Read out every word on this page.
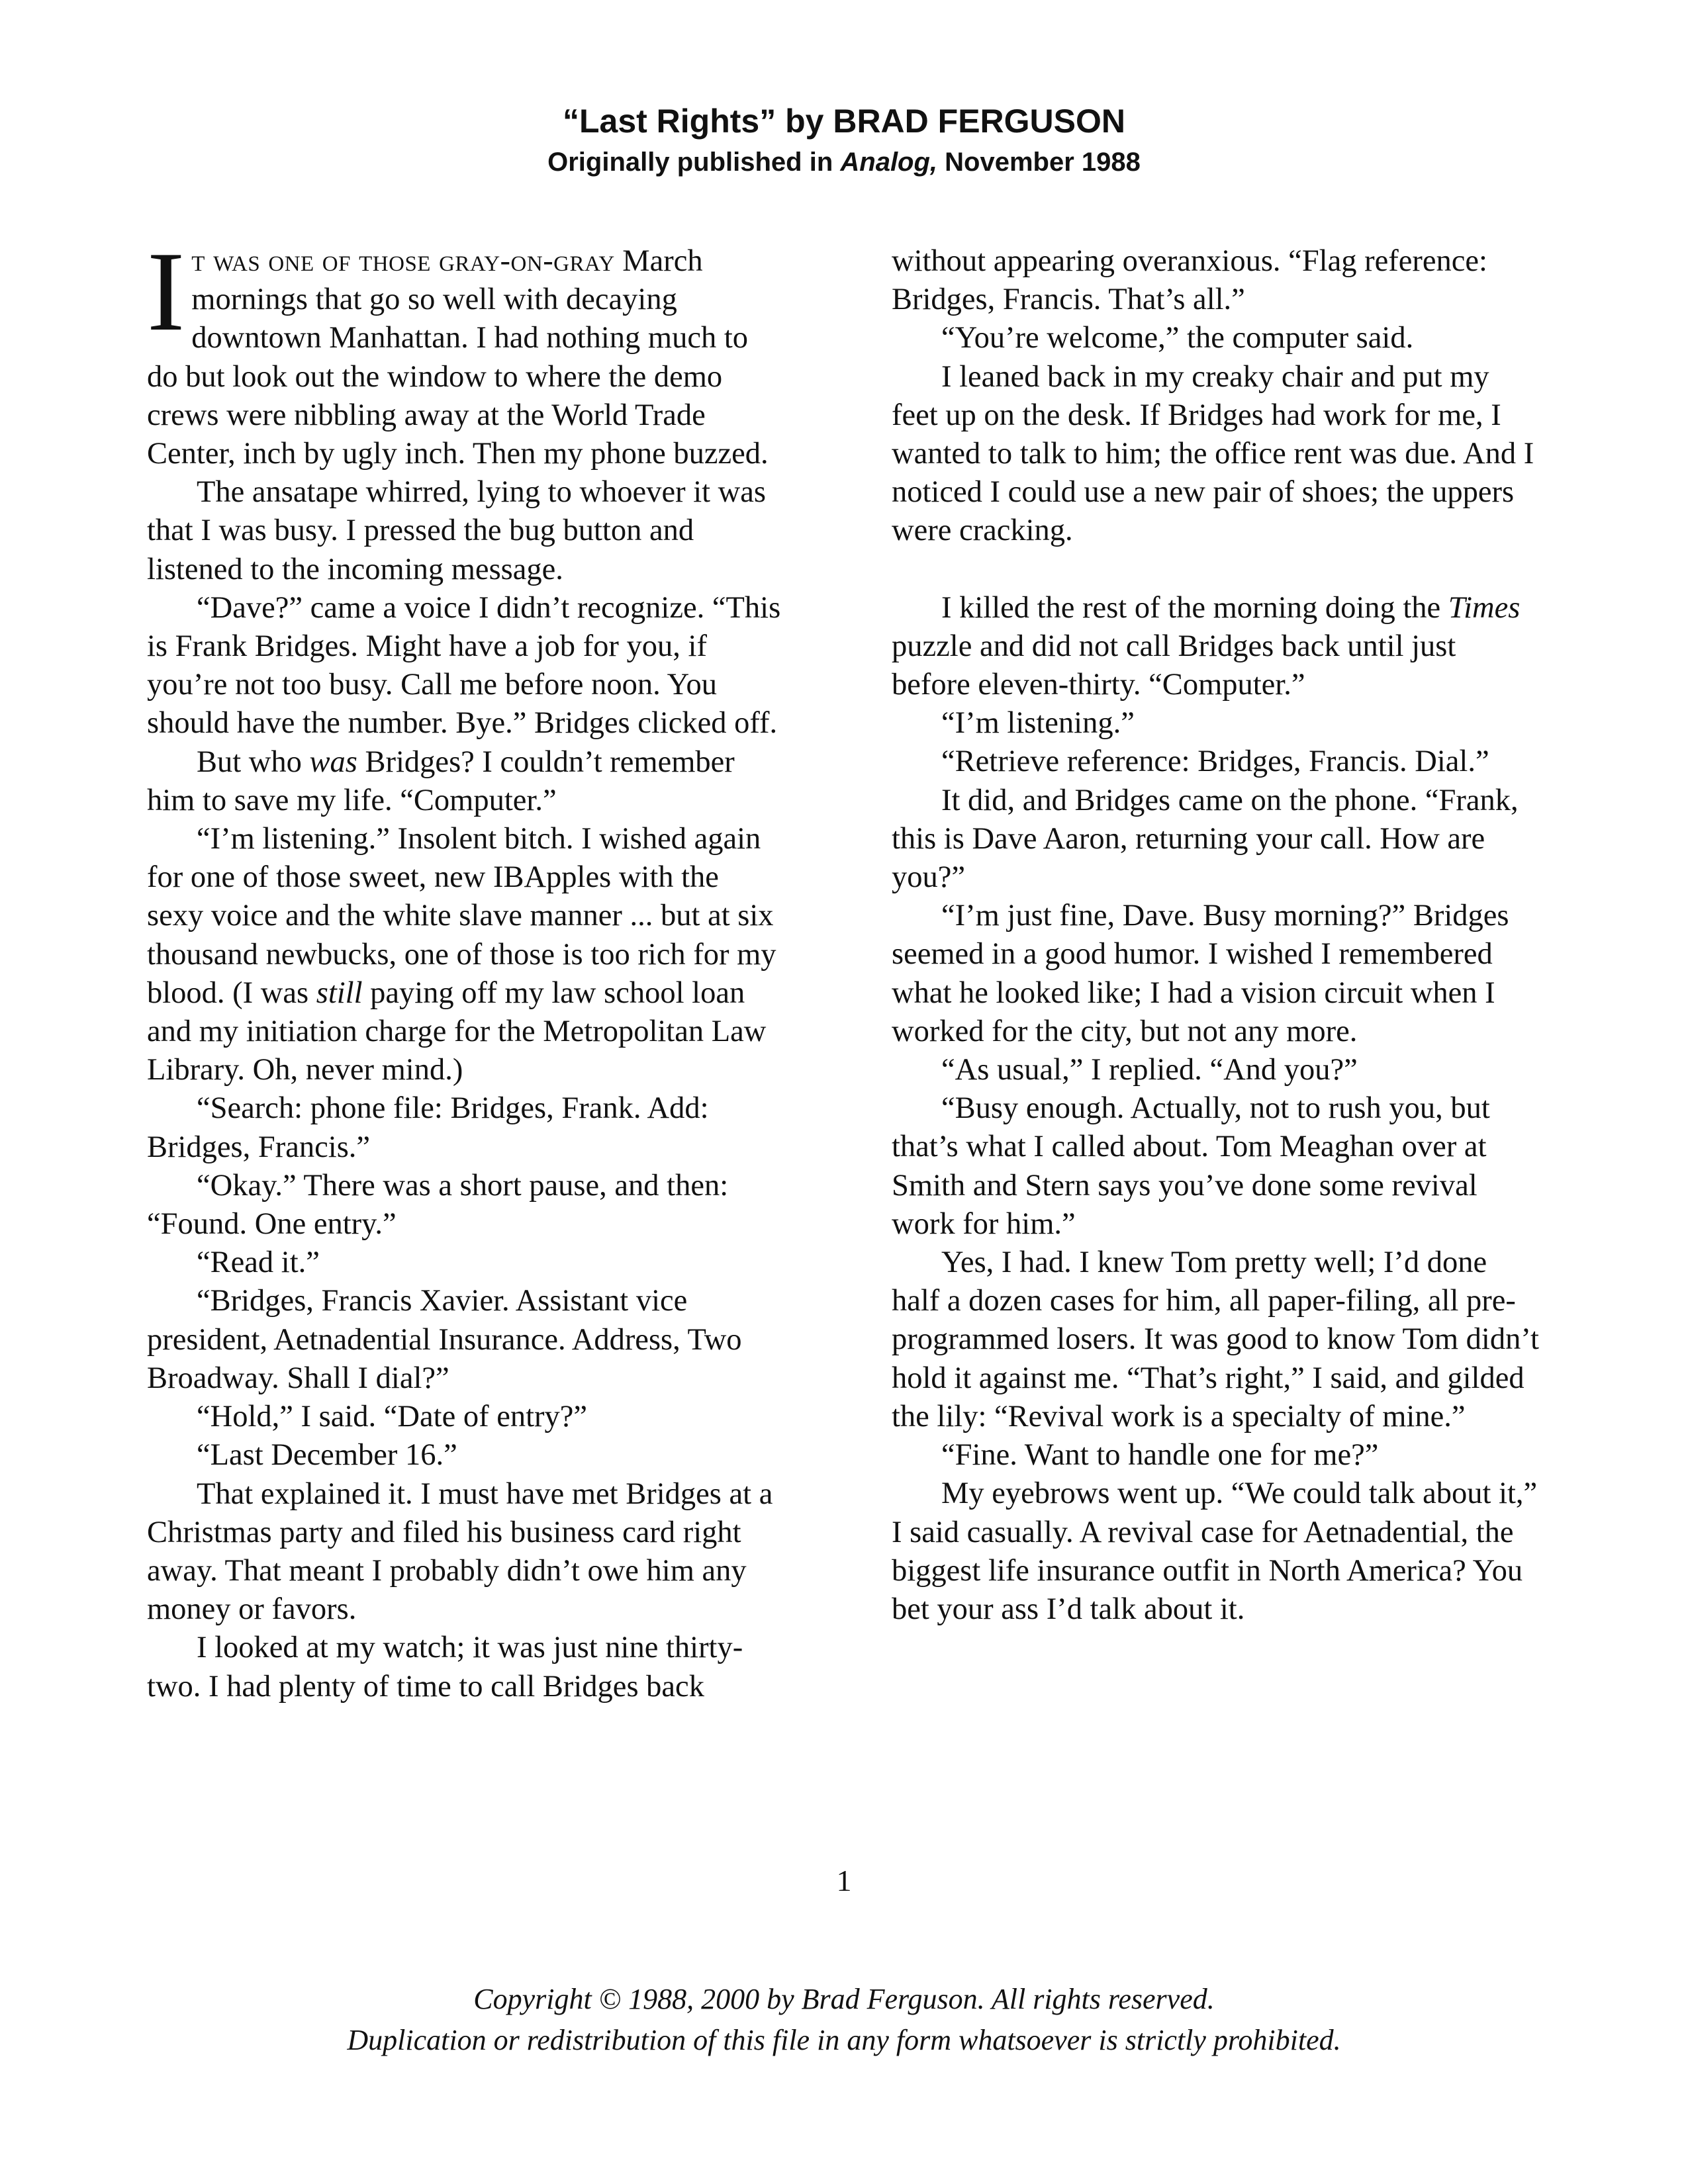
“Last Rights” by BRAD FERGUSON
Originally published in Analog, November 1988

It was one of those gray-on-gray March mornings that go so well with decaying downtown Manhattan. I had nothing much to do but look out the window to where the demo crews were nibbling away at the World Trade Center, inch by ugly inch. Then my phone buzzed.

The ansatape whirred, lying to whoever it was that I was busy. I pressed the bug button and listened to the incoming message.

“Dave?” came a voice I didn’t recognize. “This is Frank Bridges. Might have a job for you, if you’re not too busy. Call me before noon. You should have the number. Bye.” Bridges clicked off.

But who was Bridges? I couldn’t remember him to save my life. “Computer.”

“I’m listening.” Insolent bitch. I wished again for one of those sweet, new IBApples with the sexy voice and the white slave manner ... but at six thousand newbucks, one of those is too rich for my blood. (I was still paying off my law school loan and my initiation charge for the Metropolitan Law Library. Oh, never mind.)

“Search: phone file: Bridges, Frank. Add: Bridges, Francis.”

“Okay.” There was a short pause, and then: “Found. One entry.”

“Read it.”

“Bridges, Francis Xavier. Assistant vice president, Aetnadential Insurance. Address, Two Broadway. Shall I dial?”

“Hold,” I said. “Date of entry?”

“Last December 16.”

That explained it. I must have met Bridges at a Christmas party and filed his business card right away. That meant I probably didn’t owe him any money or favors.

I looked at my watch; it was just nine thirty-two. I had plenty of time to call Bridges back

without appearing overanxious. “Flag reference: Bridges, Francis. That’s all.”

“You’re welcome,” the computer said.

I leaned back in my creaky chair and put my feet up on the desk. If Bridges had work for me, I wanted to talk to him; the office rent was due. And I noticed I could use a new pair of shoes; the uppers were cracking.

I killed the rest of the morning doing the Times puzzle and did not call Bridges back until just before eleven-thirty. “Computer.”

“I’m listening.”

“Retrieve reference: Bridges, Francis. Dial.”

It did, and Bridges came on the phone. “Frank, this is Dave Aaron, returning your call. How are you?”

“I’m just fine, Dave. Busy morning?” Bridges seemed in a good humor. I wished I remembered what he looked like; I had a vision circuit when I worked for the city, but not any more.

“As usual,” I replied. “And you?”

“Busy enough. Actually, not to rush you, but that’s what I called about. Tom Meaghan over at Smith and Stern says you’ve done some revival work for him.”

Yes, I had. I knew Tom pretty well; I’d done half a dozen cases for him, all paper-filing, all pre-programmed losers. It was good to know Tom didn’t hold it against me. “That’s right,” I said, and gilded the lily: “Revival work is a specialty of mine.”

“Fine. Want to handle one for me?”

My eyebrows went up. “We could talk about it,” I said casually. A revival case for Aetnadential, the biggest life insurance outfit in North America? You bet your ass I’d talk about it.

1
Copyright © 1988, 2000 by Brad Ferguson. All rights reserved.
Duplication or redistribution of this file in any form whatsoever is strictly prohibited.
